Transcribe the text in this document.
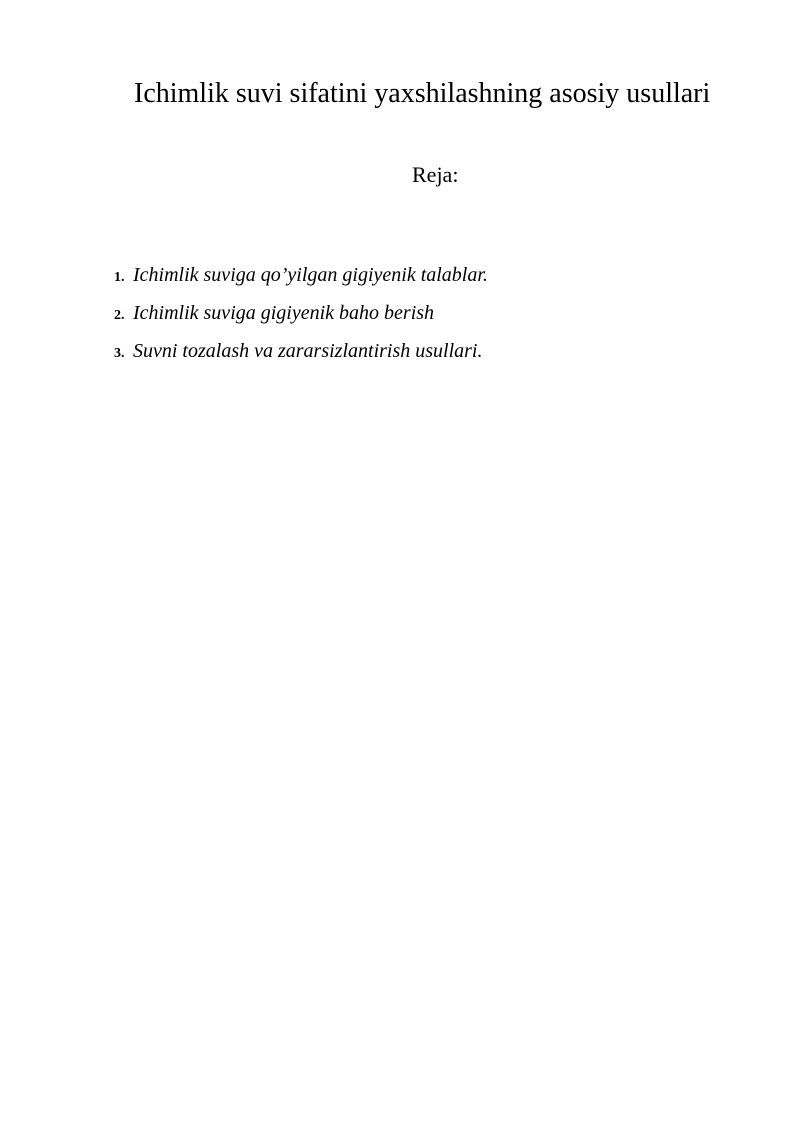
Ichimlik suvi sifatini yaxshilashning asosiy usullari
Reja:
1. Ichimlik suviga qo’yilgan gigiyenik talablar.
2. Ichimlik suviga gigiyenik baho berish
3. Suvni tozalash va zararsizlantirish usullari.
